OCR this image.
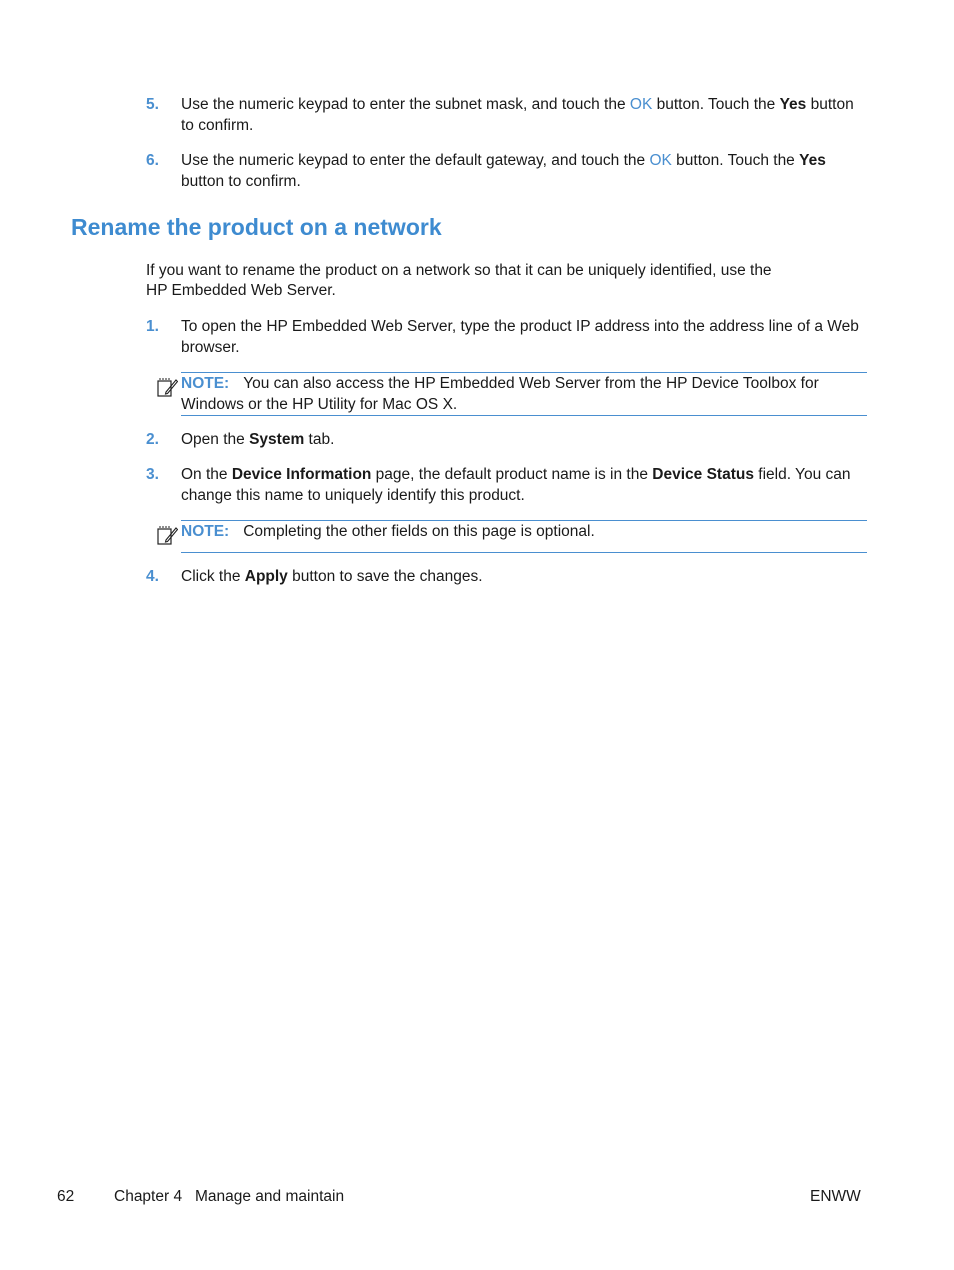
5. Use the numeric keypad to enter the subnet mask, and touch the OK button. Touch the Yes button to confirm.
6. Use the numeric keypad to enter the default gateway, and touch the OK button. Touch the Yes button to confirm.
Rename the product on a network
If you want to rename the product on a network so that it can be uniquely identified, use the
HP Embedded Web Server.
1. To open the HP Embedded Web Server, type the product IP address into the address line of a Web browser.
NOTE: You can also access the HP Embedded Web Server from the HP Device Toolbox for Windows or the HP Utility for Mac OS X.
2. Open the System tab.
3. On the Device Information page, the default product name is in the Device Status field. You can change this name to uniquely identify this product.
NOTE: Completing the other fields on this page is optional.
4. Click the Apply button to save the changes.
62	Chapter 4   Manage and maintain	ENWW
